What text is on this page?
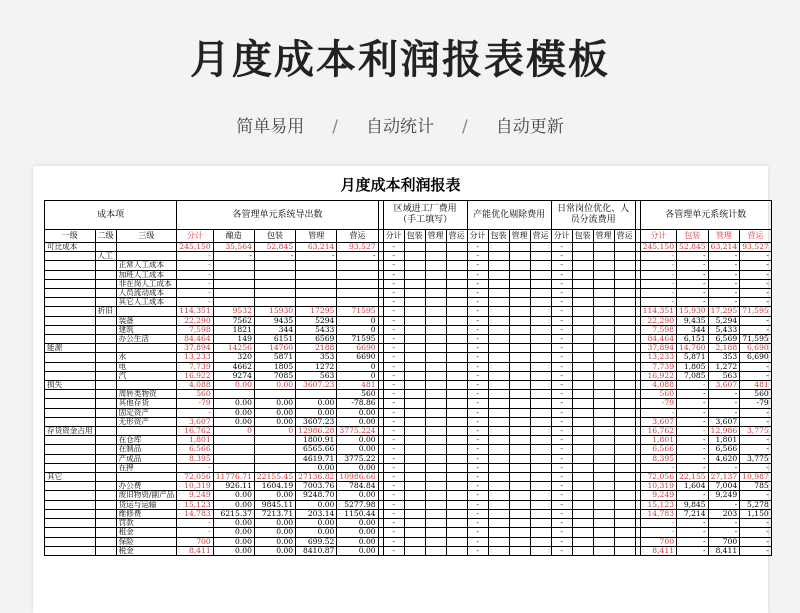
月度成本利润报表模板
简单易用 / 自动统计 / 自动更新
月度成本利润报表
成本项			各管理单元系统导出数						区域进工厂费用（手工填写）				产能优化剔除费用				日常岗位优化、人员分流费用					各管理单元系统计数			
一级	二级	三级	分计	酿造	包装	管理	营运		分计	包装	管理	营运	分计	包装	管理	营运	分计	包装	管理	营运		分计	包装	管理	营运
可比成本			245,150	35,564	52,845	63,214	93,527		-				-				-					245,150	52,845	63,214	93,527
	人工		-	-	-	-	-		-				-				-					-	-	-	-
		正常人工成本	-						-				-				-					-	-	-	-
		加班人工成本	-						-				-				-					-	-	-	-
		非在岗人工成本	-						-				-				-					-	-	-	-
		人员流动成本	-						-				-				-					-	-	-	-
		其它人工成本	-						-				-				-					-	-	-	-
	折旧		114,351	9532	15930	17295	71595		-				-				-					114,351	15,930	17,295	71,595
		装备	22,290	7562	9435	5294	0		-				-				-					22,290	9,435	5,294	-
		建筑	7,598	1821	344	5433	0		-				-				-					7,598	344	5,433	-
		办公生活	84,464	149	6151	6569	71595		-				-				-					84,464	6,151	6,569	71,595
能源			37,894	14256	14760	2188	6690		-				-				-					37,894	14,760	2,188	6,690
		水	13,233	320	5871	353	6690		-				-				-					13,233	5,871	353	6,690
		电	7,739	4662	1805	1272	0		-				-				-					7,739	1,805	1,272	-
		汽	16,922	9274	7085	563	0		-				-				-					16,922	7,085	563	-
损失			4,088	0.00	0.00	3607.23	481		-				-				-					4,088	-	3,607	481
		周转类物资	560				560		-				-				-					560	-	-	560
		其他存货	-79	0.00	0.00	0.00	-78.86		-				-				-					-79	-	-	-79
		固定资产	-	0.00	0.00	0.00	0.00		-				-				-					-	-	-	-
		无形资产	3,607	0.00	0.00	3607.23	0.00		-				-				-					3,607	-	3,607	-
存货资金占用			16,762	0	0	12986.28	3775.224		-				-				-					16,762	-	12,986	3,775
		在仓库	1,801			1800.91	0.00		-				-				-					1,801	-	1,801	-
		在制品	6,566			6565.66	0.00		-				-				-					6,566	-	6,566	-
		产成品	8,395			4619.71	3775.22		-				-				-					8,395	-	4,620	3,775
		在押	-			0.00	0.00		-				-				-					-	-	-	-
其它			72,056	11776.71	22155.45	27136.82	10986.66		-				-				-					72,056	22,155	27,137	10,987
		办公费	10,319	926.11	1604.19	7003.76	784.84		-				-				-					10,319	1,604	7,004	785
		废旧物资/副产品	9,249	0.00	0.00	9248.70	0.00		-				-				-					9,249	-	9,249	-
		货运与运输	15,123	0.00	9845.11	0.00	5277.98		-				-				-					15,123	9,845	-	5,278
		维修费	14,783	6215.37	7213.71	203.14	1150.44		-				-				-					14,783	7,214	203	1,150
		罚款	-	0.00	0.00	0.00	0.00		-				-				-					-	-	-	-
		租金	-	0.00	0.00	0.00	0.00		-				-				-					-	-	-	-
		保险	700	0.00	0.00	699.52	0.00		-				-				-					700	-	700	-
		税金	8,411	0.00	0.00	8410.87	0.00		-				-				-					8,411	-	8,411	-
